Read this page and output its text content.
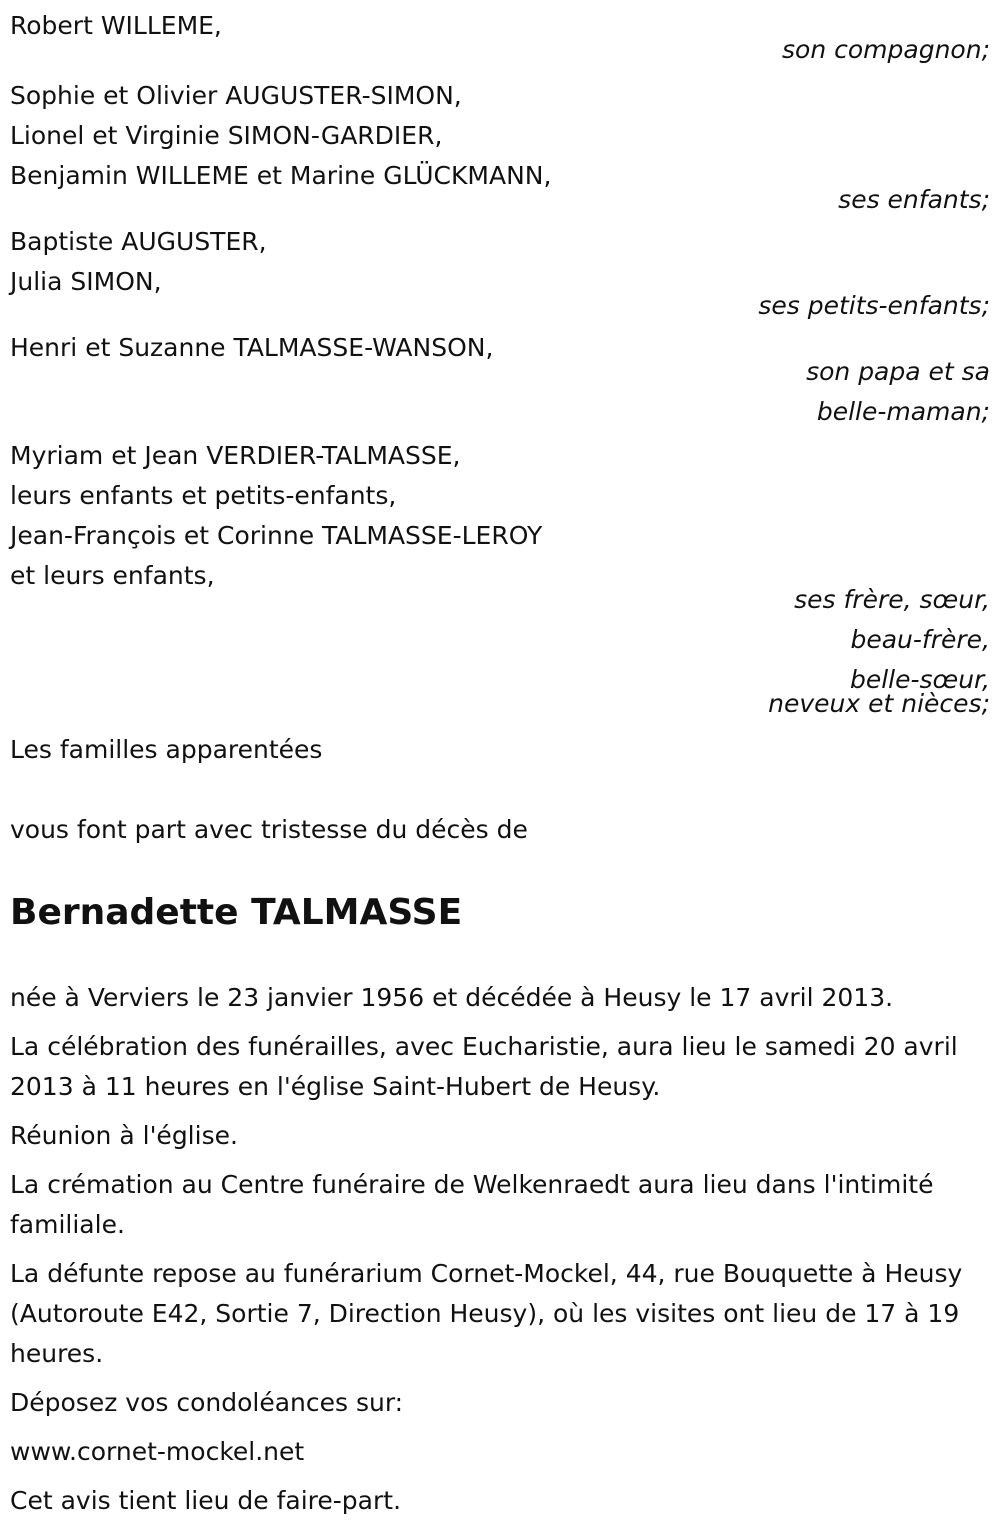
Robert WILLEME,
son compagnon;
Sophie et Olivier AUGUSTER-SIMON,
Lionel et Virginie SIMON-GARDIER,
Benjamin WILLEME et Marine GLÜCKMANN,
ses enfants;
Baptiste AUGUSTER,
Julia SIMON,
ses petits-enfants;
Henri et Suzanne TALMASSE-WANSON,
son papa et sa
belle-maman;
Myriam et Jean VERDIER-TALMASSE,
leurs enfants et petits-enfants,
Jean-François et Corinne TALMASSE-LEROY
et leurs enfants,
ses frère, sœur,
beau-frère,
belle-sœur,
neveux et nièces;
Les familles apparentées
vous font part avec tristesse du décès de
Bernadette TALMASSE

née à Verviers le 23 janvier 1956 et décédée à Heusy le 17 avril 2013.

La célébration des funérailles, avec Eucharistie, aura lieu le samedi 20 avril 2013 à 11 heures en l'église Saint-Hubert de Heusy.

Réunion à l'église.

La crémation au Centre funéraire de Welkenraedt aura lieu dans l'intimité familiale.

La défunte repose au funérarium Cornet-Mockel, 44, rue Bouquette à Heusy (Autoroute E42, Sortie 7, Direction Heusy), où les visites ont lieu de 17 à 19 heures.

Déposez vos condoléances sur:

www.cornet-mockel.net

Cet avis tient lieu de faire-part.
